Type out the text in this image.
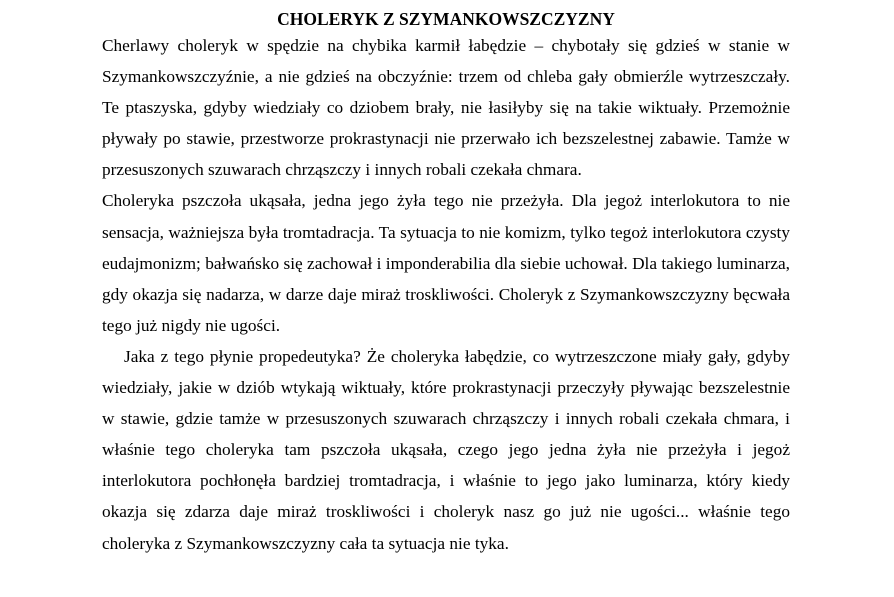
CHOLERYK Z SZYMANKOWSZCZYZNY

Cherlawy choleryk w spędzie na chybika karmił łabędzie – chybotały się gdzieś w stanie w Szymankowszczyźnie, a nie gdzieś na obczyźnie: trzem od chleba gały obmierźle wytrzeszczały. Te ptaszyska, gdyby wiedziały co dziobem brały, nie łasiłyby się na takie wiktuały. Przemożnie pływały po stawie, przestworze prokrastynacji nie przerwało ich bezszelestnej zabawie. Tamże w przesuszonych szuwarach chrząszczy i innych robali czekała chmara.

Choleryka pszczoła ukąsała, jedna jego żyła tego nie przeżyła. Dla jegoż interlokutora to nie sensacja, ważniejsza była tromtadracja. Ta sytuacja to nie komizm, tylko tegoż interlokutora czysty eudajmonizm; bałwańsko się zachował i imponderabilia dla siebie uchował. Dla takiego luminarza, gdy okazja się nadarza, w darze daje miraż troskliwości. Choleryk z Szymankowszczyzny bęcwała tego już nigdy nie ugości.

Jaka z tego płynie propedeutyka? Że choleryka łabędzie, co wytrzeszczone miały gały, gdyby wiedziały, jakie w dziób wtykają wiktuały, które prokrastynacji przeczyły pływając bezszelestnie w stawie, gdzie tamże w przesuszonych szuwarach chrząszczy i innych robali czekała chmara, i właśnie tego choleryka tam pszczoła ukąsała, czego jego jedna żyła nie przeżyła i jegoż interlokutora pochłonęła bardziej tromtadracja, i właśnie to jego jako luminarza, który kiedy okazja się zdarza daje miraż troskliwości i choleryk nasz go już nie ugości... właśnie tego choleryka z Szymankowszczyzny cała ta sytuacja nie tyka.
